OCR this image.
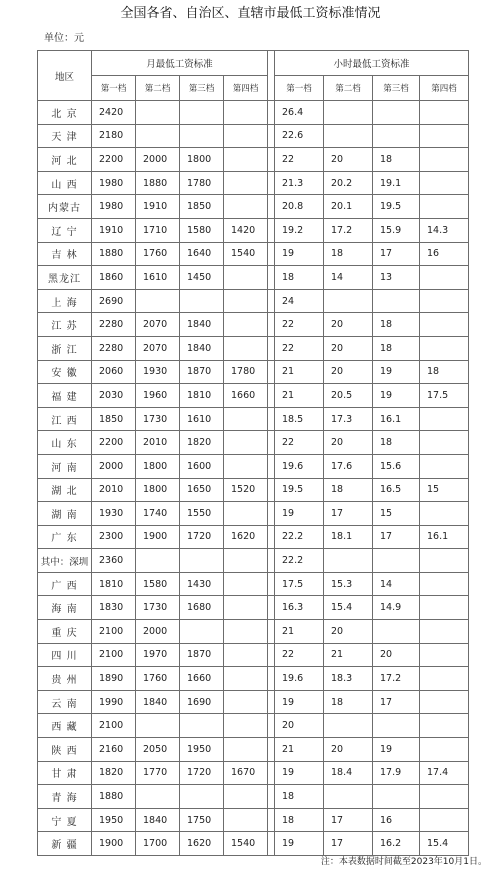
全国各省、自治区、直辖市最低工资标准情况
单位：元
地区	月最低工资标准					小时最低工资标准			
	第一档	第二档	第三档	第四档		第一档	第二档	第三档	第四档
北 京	2420					26.4			
天 津	2180					22.6			
河 北	2200	2000	1800			22	20	18	
山 西	1980	1880	1780			21.3	20.2	19.1	
内蒙古	1980	1910	1850			20.8	20.1	19.5	
辽 宁	1910	1710	1580	1420		19.2	17.2	15.9	14.3
吉 林	1880	1760	1640	1540		19	18	17	16
黑龙江	1860	1610	1450			18	14	13	
上 海	2690					24			
江 苏	2280	2070	1840			22	20	18	
浙 江	2280	2070	1840			22	20	18	
安 徽	2060	1930	1870	1780		21	20	19	18
福 建	2030	1960	1810	1660		21	20.5	19	17.5
江 西	1850	1730	1610			18.5	17.3	16.1	
山 东	2200	2010	1820			22	20	18	
河 南	2000	1800	1600			19.6	17.6	15.6	
湖 北	2010	1800	1650	1520		19.5	18	16.5	15
湖 南	1930	1740	1550			19	17	15	
广 东	2300	1900	1720	1620		22.2	18.1	17	16.1
其中：深圳	2360					22.2			
广 西	1810	1580	1430			17.5	15.3	14	
海 南	1830	1730	1680			16.3	15.4	14.9	
重 庆	2100	2000				21	20		
四 川	2100	1970	1870			22	21	20	
贵 州	1890	1760	1660			19.6	18.3	17.2	
云 南	1990	1840	1690			19	18	17	
西 藏	2100					20			
陕 西	2160	2050	1950			21	20	19	
甘 肃	1820	1770	1720	1670		19	18.4	17.9	17.4
青 海	1880					18			
宁 夏	1950	1840	1750			18	17	16	
新 疆	1900	1700	1620	1540		19	17	16.2	15.4
注：本表数据时间截至2023年10月1日。
